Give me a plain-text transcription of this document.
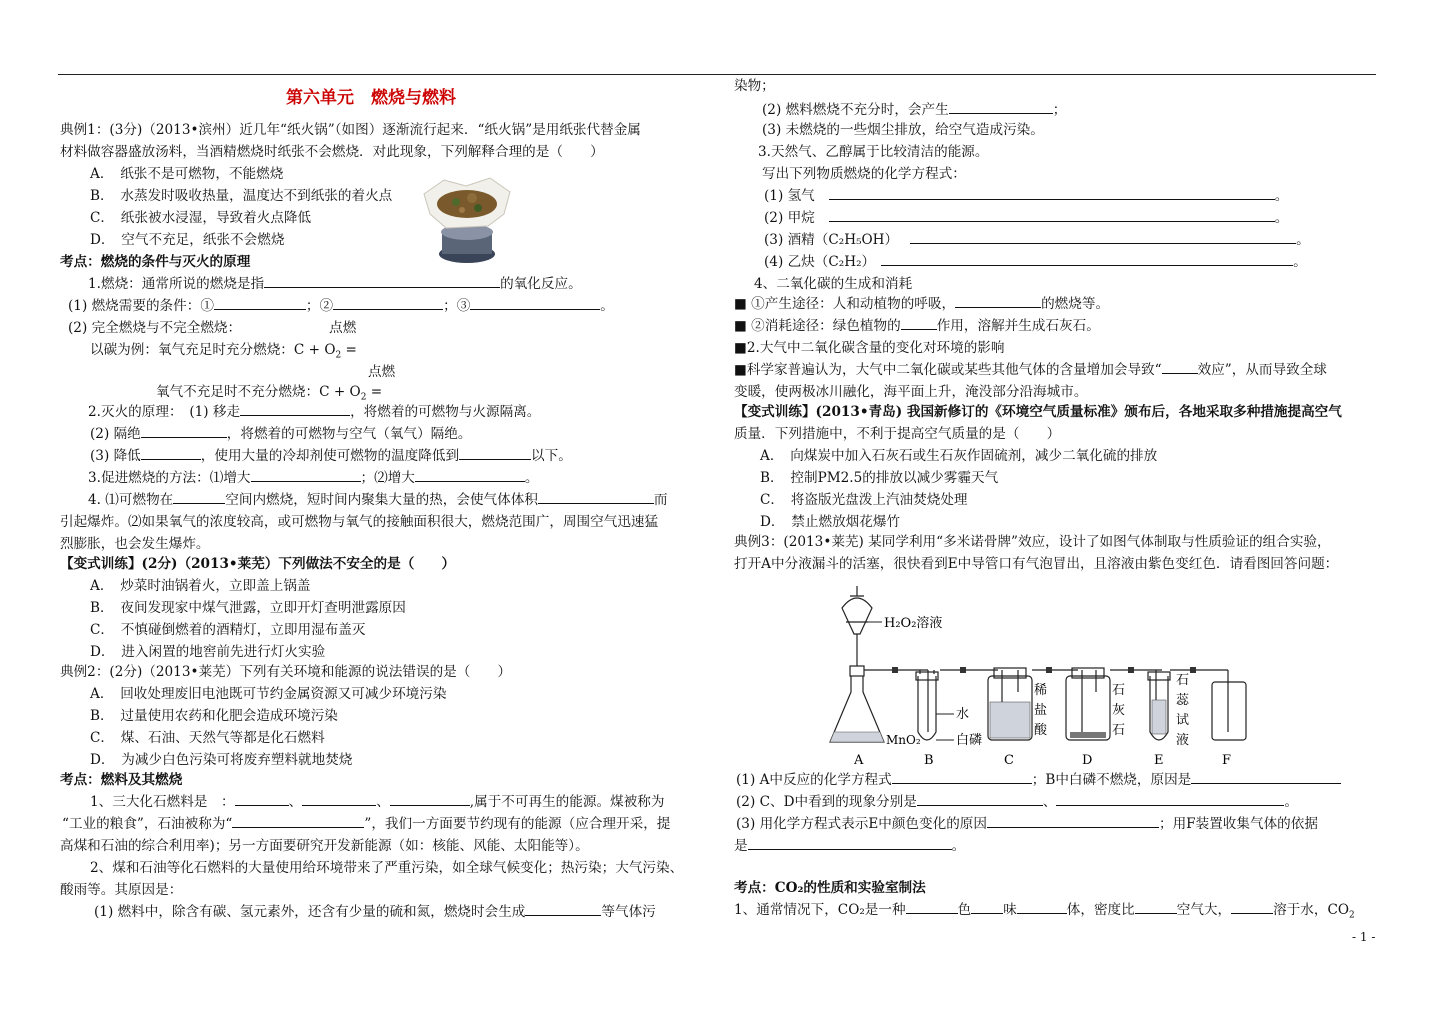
第六单元　燃烧与燃料
典例1：(3分)（2013•滨州）近几年“纸火锅”（如图）逐渐流行起来．“纸火锅”是用纸张代替金属
材料做容器盛放汤料，当酒精燃烧时纸张不会燃烧．对此现象，下列解释合理的是（　　）
A．　纸张不是可燃物，不能燃烧
B．　水蒸发时吸收热量，温度达不到纸张的着火点
C．　纸张被水浸湿，导致着火点降低
D．　空气不充足，纸张不会燃烧
考点：燃烧的条件与灭火的原理
1.燃烧：通常所说的燃烧是指	的氧化反应。
(1) 燃烧需要的条件：①	；②	；③	。
(2) 完全燃烧与不完全燃烧：	点燃
以碳为例：氧气充足时充分燃烧：$C + O_2$ =
点燃
氧气不充足时不充分燃烧：$C + O_2$ =
2.灭火的原理：　(1) 移走	，将燃着的可燃物与火源隔离。
(2) 隔绝	，将燃着的可燃物与空气（氧气）隔绝。
(3) 降低	，使用大量的冷却剂使可燃物的温度降低到	以下。
3.促进燃烧的方法：⑴增大	；⑵增大	。
4. ⑴可燃物在	空间内燃烧，短时间内聚集大量的热，会使气体体积	而
引起爆炸。⑵如果氧气的浓度较高，或可燃物与氧气的接触面积很大，燃烧范围广，周围空气迅速猛
烈膨胀，也会发生爆炸。
【变式训练】(2分)（2013•莱芜）下列做法不安全的是（　　）
A．　炒菜时油锅着火，立即盖上锅盖
B．　夜间发现家中煤气泄露，立即开灯查明泄露原因
C．　不慎碰倒燃着的酒精灯，立即用湿布盖灭
D．　进入闲置的地窖前先进行灯火实验
典例2：(2分)（2013•莱芜）下列有关环境和能源的说法错误的是（　　）
A．　回收处理废旧电池既可节约金属资源又可减少环境污染
B．　过量使用农药和化肥会造成环境污染
C．　煤、石油、天然气等都是化石燃料
D．　为减少白色污染可将废弃塑料就地焚烧
考点：燃料及其燃烧
1、三大化石燃料是　：	、	、	,属于不可再生的能源。煤被称为
“工业的粮食”，石油被称为“	”，我们一方面要节约现有的能源（应合理开采，提
高煤和石油的综合利用率)；另一方面要研究开发新能源（如：核能、风能、太阳能等）。
2、煤和石油等化石燃料的大量使用给环境带来了严重污染，如全球气候变化；热污染；大气污染、
酸雨等。其原因是：
(1) 燃料中，除含有碳、氢元素外，还含有少量的硫和氮，燃烧时会生成	等气体污
染物；
(2) 燃料燃烧不充分时，会产生	；
(3) 未燃烧的一些烟尘排放，给空气造成污染。
3.天然气、乙醇属于比较清洁的能源。
写出下列物质燃烧的化学方程式：
(1) 氢气	。
(2) 甲烷	。
(3) 酒精（C₂H₅OH）	。
(4) 乙炔（C₂H₂）	。
4、二氧化碳的生成和消耗
■ ①产生途径：人和动植物的呼吸，	的燃烧等。
■ ②消耗途径：绿色植物的	作用，溶解并生成石灰石。
■2.大气中二氧化碳含量的变化对环境的影响
■科学家普遍认为，大气中二氧化碳或某些其他气体的含量增加会导致“	效应”，从而导致全球
变暖，使两极冰川融化，海平面上升，淹没部分沿海城市。
【变式训练】(2013•青岛) 我国新修订的《环境空气质量标准》颁布后，各地采取多种措施提高空气
质量．下列措施中，不利于提高空气质量的是（　　）
A．　向煤炭中加入石灰石或生石灰作固硫剂，减少二氧化硫的排放
B．　控制PM2.5的排放以减少雾霾天气
C．　将盗版光盘泼上汽油焚烧处理
D．　禁止燃放烟花爆竹
典例3：(2013•莱芜) 某同学利用“多米诺骨牌”效应，设计了如图气体制取与性质验证的组合实验，
打开A中分液漏斗的活塞，很快看到E中导管口有气泡冒出，且溶液由紫色变红色．请看图回答问题：
(1) A中反应的化学方程式	；B中白磷不燃烧，原因是
(2) C、D中看到的现象分别是	、	。
(3) 用化学方程式表示E中颜色变化的原因	；用F装置收集气体的依据
是	。
考点：CO₂的性质和实验室制法
1、通常情况下，CO₂是一种	色 味	体，密度比	空气大，	溶于水，$CO_2$
H₂O₂溶液
MnO₂
水
白磷
稀
盐
酸
石
灰
石
石
蕊
试
液
A	B	C	D	E	F
- 1 -
